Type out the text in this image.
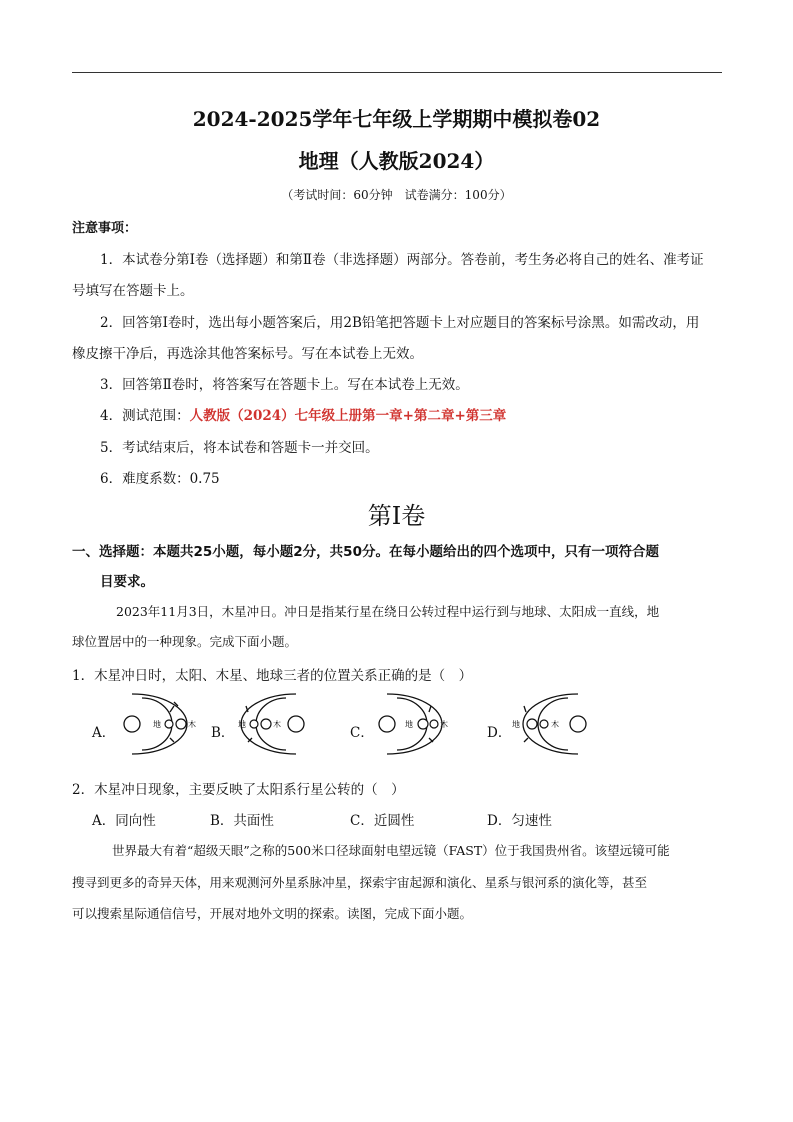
2024-2025学年七年级上学期期中模拟卷02
地理（人教版2024）
（考试时间：60分钟　试卷满分：100分）
注意事项：
1．本试卷分第Ⅰ卷（选择题）和第Ⅱ卷（非选择题）两部分。答卷前，考生务必将自己的姓名、准考证
号填写在答题卡上。
2．回答第Ⅰ卷时，选出每小题答案后，用2B铅笔把答题卡上对应题目的答案标号涂黑。如需改动，用
橡皮擦干净后，再选涂其他答案标号。写在本试卷上无效。
3．回答第Ⅱ卷时，将答案写在答题卡上。写在本试卷上无效。
4．测试范围：人教版（2024）七年级上册第一章+第二章+第三章
5．考试结束后，将本试卷和答题卡一并交回。
6．难度系数：0.75
第Ⅰ卷
一、选择题：本题共25小题，每小题2分，共50分。在每小题给出的四个选项中，只有一项符合题
目要求。
2023年11月3日，木星冲日。冲日是指某行星在绕日公转过程中运行到与地球、太阳成一直线，地
球位置居中的一种现象。完成下面小题。
1．木星冲日时，太阳、木星、地球三者的位置关系正确的是（　）
A．
地	木
B．
地	木
C．
地	木
D．
地	木
2．木星冲日现象，主要反映了太阳系行星公转的（　）
A．同向性	B．共面性	C．近圆性	D．匀速性
世界最大有着“超级天眼”之称的500米口径球面射电望远镜（FAST）位于我国贵州省。该望远镜可能
搜寻到更多的奇异天体，用来观测河外星系脉冲星，探索宇宙起源和演化、星系与银河系的演化等，甚至
可以搜索星际通信信号，开展对地外文明的探索。读图，完成下面小题。
